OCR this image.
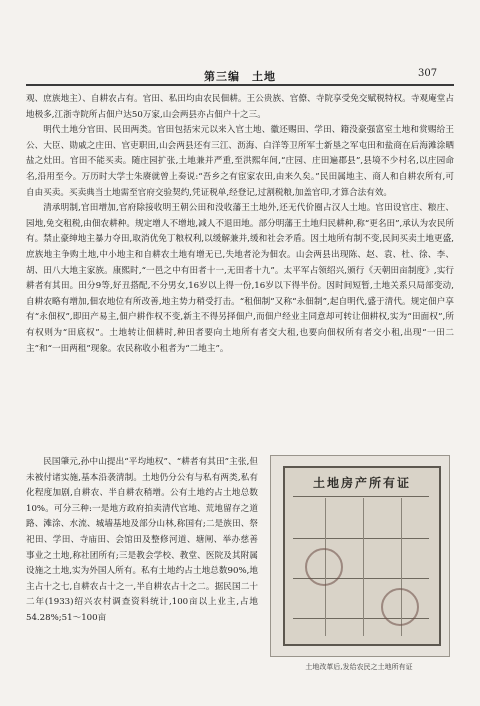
第三编　土地	307

观、庶族地主）、自耕农占有。官田、私田均由农民佃耕。王公贵族、官僚、寺院享受免交赋税特权。寺观庵堂占地极多,江浙寺院所占佃户达50万家,山会两县亦占佃户十之三。

明代土地分官田、民田两类。官田包括宋元以来入官土地、徽还赐田、学田、籍没豪强富室土地和赏赐给王公、大臣、勋戚之庄田、官吏职田,山会两县还有三江、沥海、白洋等卫所军士新垦之军屯田和盐商在后海滩涂晒盐之灶田。官田不能买卖。随庄园扩张,土地兼并严重,至洪熙年间,“庄园、庄田遍郡县”,县境不少村名,以庄园命名,沿用至今。万历时大学士朱赓就曾上奏说:“吾乡之有宦家农田,由来久矣。”民田属地主、商人和自耕农所有,可自由买卖。买卖典当土地需至官府交验契约,凭证税单,经登记,过割税粮,加盖官印,才算合法有效。

清承明制,官田增加,官府除接收明王朝公田和没收藩王土地外,还无代价圈占汉人土地。官田设官庄、粮庄、园地,免交租税,由佃农耕种。规定增人不增地,减人不退田地。部分明藩王土地归民耕种,称“更名田”,承认为农民所有。禁止豪绅地主暴力夺田,取消优免丁粮权利,以缓解兼并,缓和社会矛盾。因土地所有制不变,民间买卖土地更盛,庶族地主争购土地,中小地主和自耕农土地有增无已,失地者沦为佃农。山会两县出现陈、赵、袁、杜、徐、李、胡、田八大地主家族。康熙时,“一邑之中有田者十一,无田者十九”。太平军占领绍兴,颁行《天朝田亩制度》,实行耕者有其田。田分9等,好丑搭配,不分男女,16岁以上得一份,16岁以下得半份。因时间短暂,土地关系只局部变动,自耕农略有增加,佃农地位有所改善,地主势力稍受打击。“租佃制”又称“永佃制”,起自明代,盛于清代。规定佃户享有“永佃权”,即田产易主,佃户耕作权不变,新主不得另择佃户,而佃户经业主同意却可转让佃耕权,实为“田面权”,所有权则为“田底权”。土地转让佃耕时,种田者要向土地所有者交大租,也要向佃权所有者交小租,出现“一田二主”和“一田两租”现象。农民称收小租者为“二地主”。

民国肇元,孙中山提出“平均地权”、“耕者有其田”主张,但未被付诸实施,基本沿袭清制。土地仍分公有与私有两类,私有化程度加剧,自耕农、半自耕农稍增。公有土地约占土地总数10%。可分三种:一是地方政府拍卖清代官地、荒地留存之道路、滩涂、水流、城墙基地及部分山林,称国有;二是族田、祭祀田、学田、寺庙田、会馆田及整修河道、塘闸、举办慈善事业之土地,称社团所有;三是教会学校、教堂、医院及其附属设施之土地,实为外国人所有。私有土地约占土地总数90%,地主占十之七,自耕农占十之一,半自耕农占十之二。据民国二十二年(1933)绍兴农村调查资料统计,100亩以上业主,占地54.28%;51～100亩

土地房产所有证
土地改革后,发给农民之土地所有证
